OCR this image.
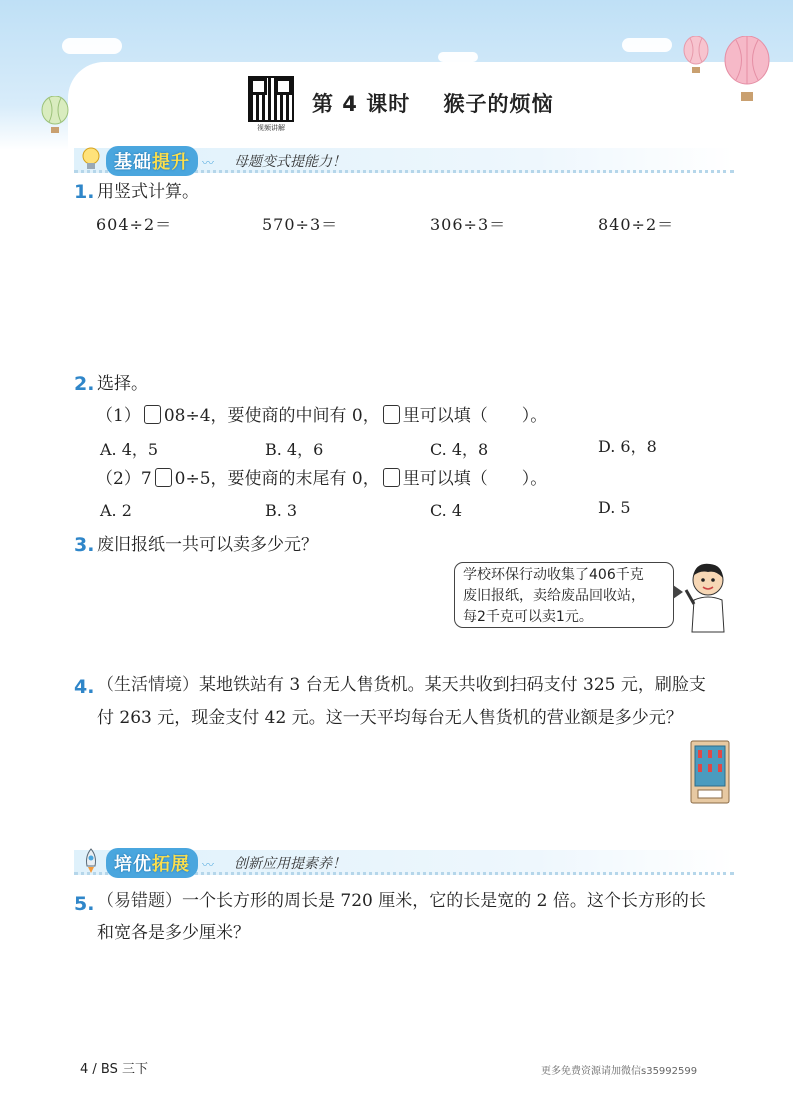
视频讲解
第 4 课时    猴子的烦恼
基础提升	〰 母题变式提能力！
1. 用竖式计算。
604÷2＝	570÷3＝	306÷3＝	840÷2＝
2. 选择。
（1） 08÷4，要使商的中间有 0， 里可以填（　　）。
A. 4，5	B. 4，6	C. 4，8	D. 6，8
（2）7 0÷5，要使商的末尾有 0， 里可以填（　　）。
A. 2	B. 3	C. 4	D. 5
3. 废旧报纸一共可以卖多少元？
学校环保行动收集了406千克
废旧报纸，卖给废品回收站，
每2千克可以卖1元。
4. （生活情境）某地铁站有 3 台无人售货机。某天共收到扫码支付 325 元，刷脸支
付 263 元，现金支付 42 元。这一天平均每台无人售货机的营业额是多少元？
培优拓展	〰 创新应用提素养！
5. （易错题）一个长方形的周长是 720 厘米，它的长是宽的 2 倍。这个长方形的长
和宽各是多少厘米？
4 / BS 三下	更多免费资源请加微信s35992599
